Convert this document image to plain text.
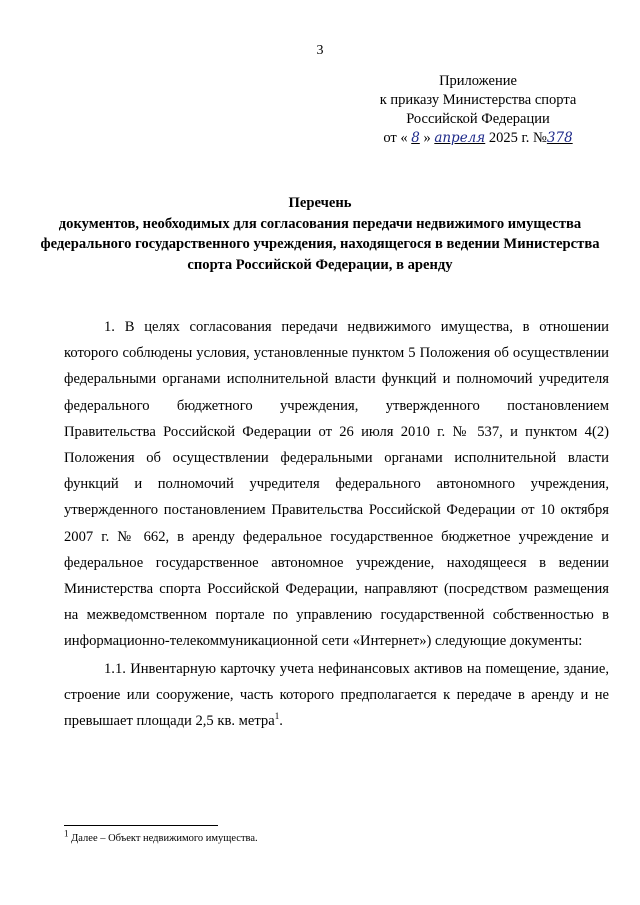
3
Приложение
к приказу Министерства спорта
Российской Федерации
от « 8 » апреля 2025 г. №378
Перечень
документов, необходимых для согласования передачи недвижимого имущества федерального государственного учреждения, находящегося в ведении Министерства спорта Российской Федерации, в аренду

1. В целях согласования передачи недвижимого имущества, в отношении которого соблюдены условия, установленные пунктом 5 Положения об осуществлении федеральными органами исполнительной власти функций и полномочий учредителя федерального бюджетного учреждения, утвержденного постановлением Правительства Российской Федерации от 26 июля 2010 г. № 537, и пунктом 4(2) Положения об осуществлении федеральными органами исполнительной власти функций и полномочий учредителя федерального автономного учреждения, утвержденного постановлением Правительства Российской Федерации от 10 октября 2007 г. № 662, в аренду федеральное государственное бюджетное учреждение и федеральное государственное автономное учреждение, находящееся в ведении Министерства спорта Российской Федерации, направляют (посредством размещения на межведомственном портале по управлению государственной собственностью в информационно-телекоммуникационной сети «Интернет») следующие документы:

1.1. Инвентарную карточку учета нефинансовых активов на помещение, здание, строение или сооружение, часть которого предполагается к передаче в аренду и не превышает площади 2,5 кв. метра$^1$.

$^1$ Далее – Объект недвижимого имущества.
